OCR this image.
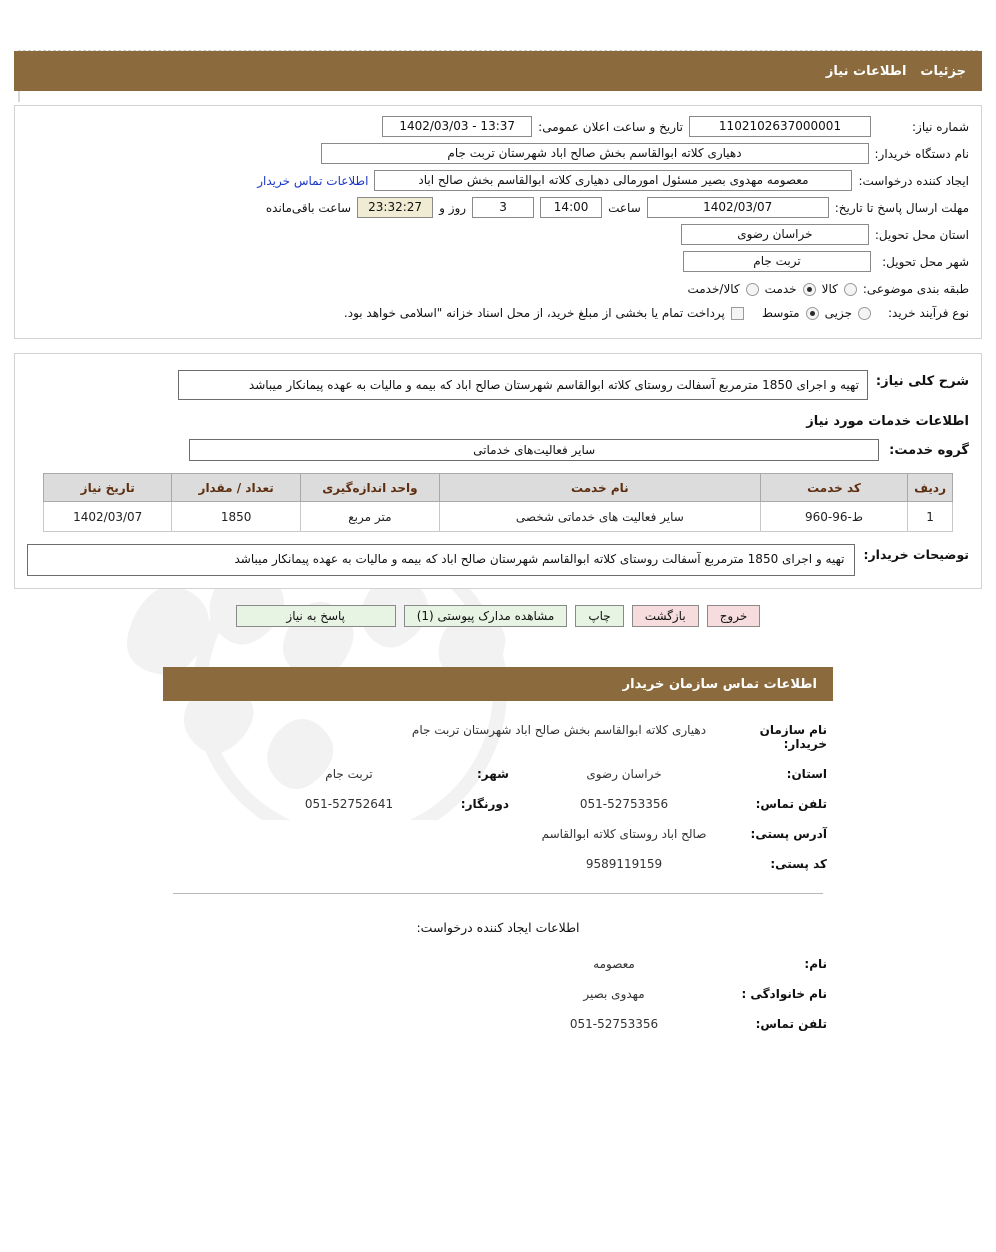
جزئیات
اطلاعات نیاز
شماره نیاز:
1102102637000001
تاریخ و ساعت اعلان عمومی:
1402/03/03 - 13:37
نام دستگاه خریدار:
دهیاری کلاته ابوالقاسم بخش صالح اباد شهرستان تربت جام
ایجاد کننده درخواست:
معصومه مهدوی بصیر مسئول امورمالی دهیاری کلاته ابوالقاسم بخش صالح اباد
اطلاعات تماس خریدار
مهلت ارسال پاسخ تا تاریخ:
1402/03/07
ساعت
14:00
3
روز و
23:32:27
ساعت باقی‌مانده
استان محل تحویل:
خراسان رضوی
شهر محل تحویل:
تربت جام
طبقه بندی موضوعی:
کالا
خدمت
کالا/خدمت
نوع فرآیند خرید:
جزیی
متوسط
پرداخت تمام یا بخشی از مبلغ خرید، از محل اسناد خزانه "اسلامی خواهد بود.
شرح کلی نیاز:
تهیه و اجرای 1850 مترمربع آسفالت روستای کلاته ابوالقاسم شهرستان صالح اباد که بیمه و مالیات به عهده پیمانکار میباشد
اطلاعات خدمات مورد نیاز
گروه خدمت:
سایر فعالیت‌های خدماتی
ردیف	کد خدمت	نام خدمت	واحد اندازه‌گیری	تعداد / مقدار	تاریخ نیاز
1	ط-96-960	سایر فعالیت های خدماتی شخصی	متر مربع	1850	1402/03/07
توضیحات خریدار:
تهیه و اجرای 1850 مترمربع آسفالت روستای کلاته ابوالقاسم شهرستان صالح اباد که بیمه و مالیات به عهده پیمانکار میباشد
خروج
بازگشت
چاپ
مشاهده مدارک پیوستی (1)
پاسخ به نیاز
اطلاعات تماس سازمان خریدار
نام سازمان خریدار:
دهیاری کلاته ابوالقاسم بخش صالح اباد شهرستان تربت جام
استان:
خراسان رضوی
شهر:
تربت جام
تلفن تماس:
051-52753356
دورنگار:
051-52752641
آدرس پستی:
صالح اباد روستای کلاته ابوالقاسم
کد پستی:
9589119159
اطلاعات ایجاد کننده درخواست:
نام:
معصومه
نام خانوادگی :
مهدوی بصیر
تلفن تماس:
051-52753356
